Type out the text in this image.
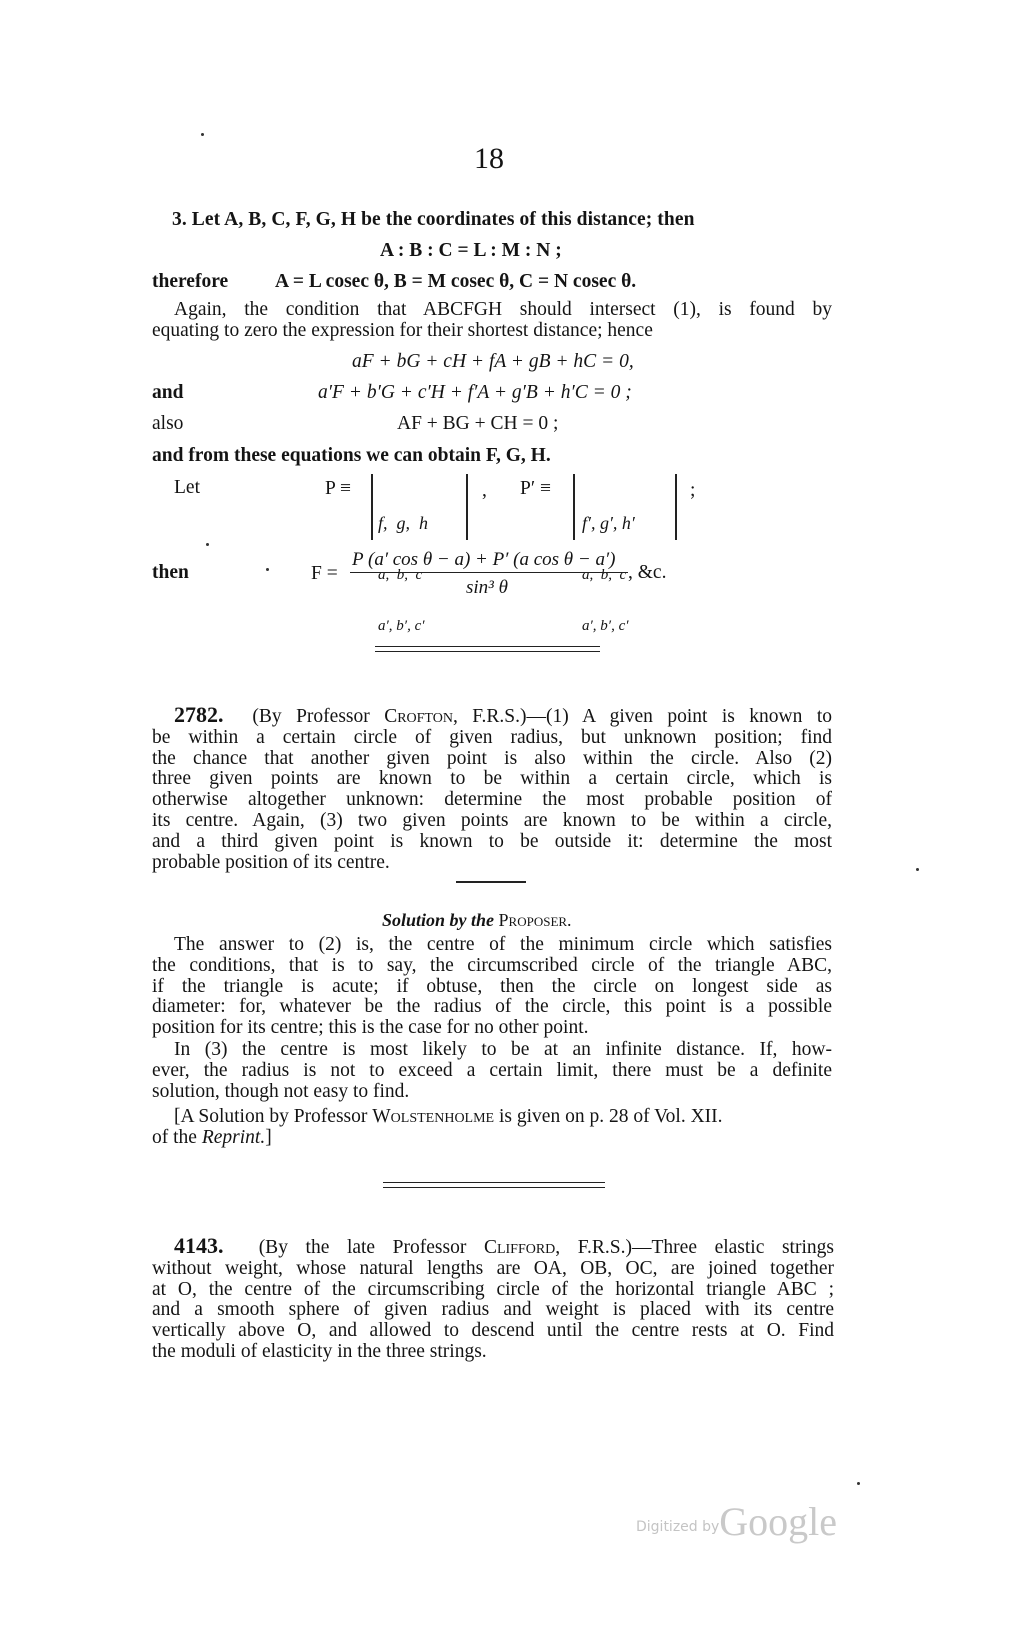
18
3. Let A, B, C, F, G, H be the coordinates of this distance; then
A : B : C = L : M : N ;
therefore A = L cosec θ, B = M cosec θ, C = N cosec θ.
Again, the condition that ABCFGH should intersect (1), is found by
equating to zero the expression for their shortest distance; hence
aF + bG + cH + fA + gB + hC = 0,
and	a′F + b′G + c′H + f′A + g′B + h′C = 0 ;
also	AF + BG + CH = 0 ;
and from these equations we can obtain F, G, H.
Let	P ≡

f,  g,  h

a,  b,  c

a′, b′, c′

, P′ ≡

f′, g′, h′

a,  b,  c

a′, b′, c′

;
then	F =
P (a′ cos θ − a) + P′ (a cos θ − a′)
sin³ θ
, &c.
2782. (By Professor Crofton, F.R.S.)—(1) A given point is known to
be within a certain circle of given radius, but unknown position; find
the chance that another given point is also within the circle. Also (2)
three given points are known to be within a certain circle, which is
otherwise altogether unknown: determine the most probable position of
its centre. Again, (3) two given points are known to be within a circle,
and a third given point is known to be outside it: determine the most
probable position of its centre.
Solution by the Proposer.
The answer to (2) is, the centre of the minimum circle which satisfies
the conditions, that is to say, the circumscribed circle of the triangle ABC,
if the triangle is acute; if obtuse, then the circle on longest side as
diameter: for, whatever be the radius of the circle, this point is a possible
position for its centre; this is the case for no other point.
In (3) the centre is most likely to be at an infinite distance. If, how-
ever, the radius is not to exceed a certain limit, there must be a definite
solution, though not easy to find.
[A Solution by Professor Wolstenholme is given on p. 28 of Vol. XII.
of the Reprint.]
4143. (By the late Professor Clifford, F.R.S.)—Three elastic strings
without weight, whose natural lengths are OA, OB, OC, are joined together
at O, the centre of the circumscribing circle of the horizontal triangle ABC ;
and a smooth sphere of given radius and weight is placed with its centre
vertically above O, and allowed to descend until the centre rests at O. Find
the moduli of elasticity in the three strings.
Digitized byGoogle
